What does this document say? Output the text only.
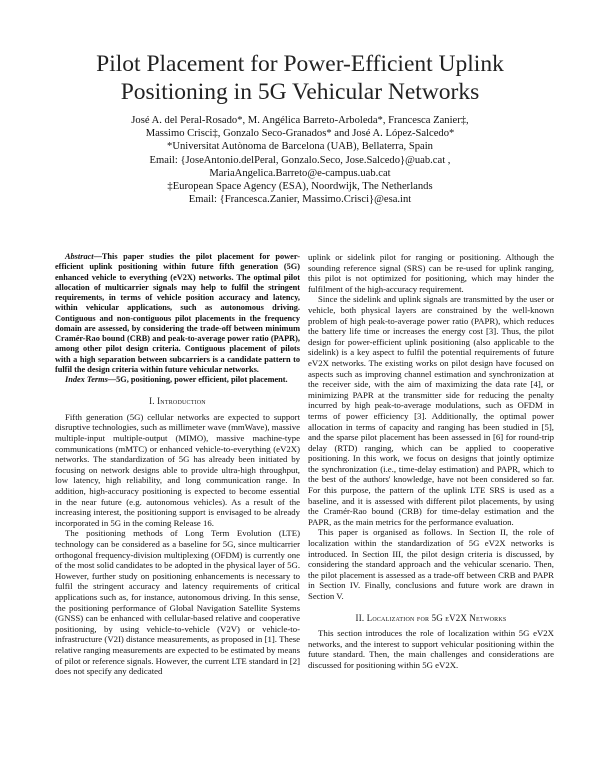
Pilot Placement for Power-Efficient Uplink Positioning in 5G Vehicular Networks
José A. del Peral-Rosado*, M. Angélica Barreto-Arboleda*, Francesca Zanier‡,
Massimo Crisci‡, Gonzalo Seco-Granados* and José A. López-Salcedo*
*Universitat Autònoma de Barcelona (UAB), Bellaterra, Spain
Email: {JoseAntonio.delPeral, Gonzalo.Seco, Jose.Salcedo}@uab.cat ,
MariaAngelica.Barreto@e-campus.uab.cat
‡European Space Agency (ESA), Noordwijk, The Netherlands
Email: {Francesca.Zanier, Massimo.Crisci}@esa.int

Abstract—This paper studies the pilot placement for power-efficient uplink positioning within future fifth generation (5G) enhanced vehicle to everything (eV2X) networks. The optimal pilot allocation of multicarrier signals may help to fulfil the stringent requirements, in terms of vehicle position accuracy and latency, within vehicular applications, such as autonomous driving. Contiguous and non-contiguous pilot placements in the frequency domain are assessed, by considering the trade-off between minimum Cramér-Rao bound (CRB) and peak-to-average power ratio (PAPR), among other pilot design criteria. Contiguous placement of pilots with a high separation between subcarriers is a candidate pattern to fulfil the design criteria within future vehicular networks.

Index Terms—5G, positioning, power efficient, pilot placement.

I. Introduction

Fifth generation (5G) cellular networks are expected to support disruptive technologies, such as millimeter wave (mmWave), massive multiple-input multiple-output (MIMO), massive machine-type communications (mMTC) or enhanced vehicle-to-everything (eV2X) networks. The standardization of 5G has already been initiated by focusing on network designs able to provide ultra-high throughput, low latency, high reliability, and long communication range. In addition, high-accuracy positioning is expected to become essential in the near future (e.g. autonomous vehicles). As a result of the increasing interest, the positioning support is envisaged to be already incorporated in 5G in the coming Release 16.

The positioning methods of Long Term Evolution (LTE) technology can be considered as a baseline for 5G, since multicarrier orthogonal frequency-division multiplexing (OFDM) is currently one of the most solid candidates to be adopted in the physical layer of 5G. However, further study on positioning enhancements is necessary to fulfil the stringent accuracy and latency requirements of critical applications such as, for instance, autonomous driving. In this sense, the positioning performance of Global Navigation Satellite Systems (GNSS) can be enhanced with cellular-based relative and cooperative positioning, by using vehicle-to-vehicle (V2V) or vehicle-to-infrastructure (V2I) distance measurements, as proposed in [1]. These relative ranging measurements are expected to be estimated by means of pilot or reference signals. However, the current LTE standard in [2] does not specify any dedicated

uplink or sidelink pilot for ranging or positioning. Although the sounding reference signal (SRS) can be re-used for uplink ranging, this pilot is not optimized for positioning, which may hinder the fulfilment of the high-accuracy requirement.

Since the sidelink and uplink signals are transmitted by the user or vehicle, both physical layers are constrained by the well-known problem of high peak-to-average power ratio (PAPR), which reduces the battery life time or increases the energy cost [3]. Thus, the pilot design for power-efficient uplink positioning (also applicable to the sidelink) is a key aspect to fulfil the potential requirements of future eV2X networks. The existing works on pilot design have focused on aspects such as improving channel estimation and synchronization at the receiver side, with the aim of maximizing the data rate [4], or minimizing PAPR at the transmitter side for reducing the penalty incurred by high peak-to-average modulations, such as OFDM in terms of power efficiency [3]. Additionally, the optimal power allocation in terms of capacity and ranging has been studied in [5], and the sparse pilot placement has been assessed in [6] for round-trip delay (RTD) ranging, which can be applied to cooperative positioning. In this work, we focus on designs that jointly optimize the synchronization (i.e., time-delay estimation) and PAPR, which to the best of the authors' knowledge, have not been considered so far. For this purpose, the pattern of the uplink LTE SRS is used as a baseline, and it is assessed with different pilot placements, by using the Cramér-Rao bound (CRB) for time-delay estimation and the PAPR, as the main metrics for the performance evaluation.

This paper is organised as follows. In Section II, the role of localization within the standardization of 5G eV2X networks is introduced. In Section III, the pilot design criteria is discussed, by considering the standard approach and the vehicular scenario. Then, the pilot placement is assessed as a trade-off between CRB and PAPR in Section IV. Finally, conclusions and future work are drawn in Section V.

II. Localization for 5G eV2X Networks

This section introduces the role of localization within 5G eV2X networks, and the interest to support vehicular positioning within the future standard. Then, the main challenges and considerations are discussed for positioning within 5G eV2X.
